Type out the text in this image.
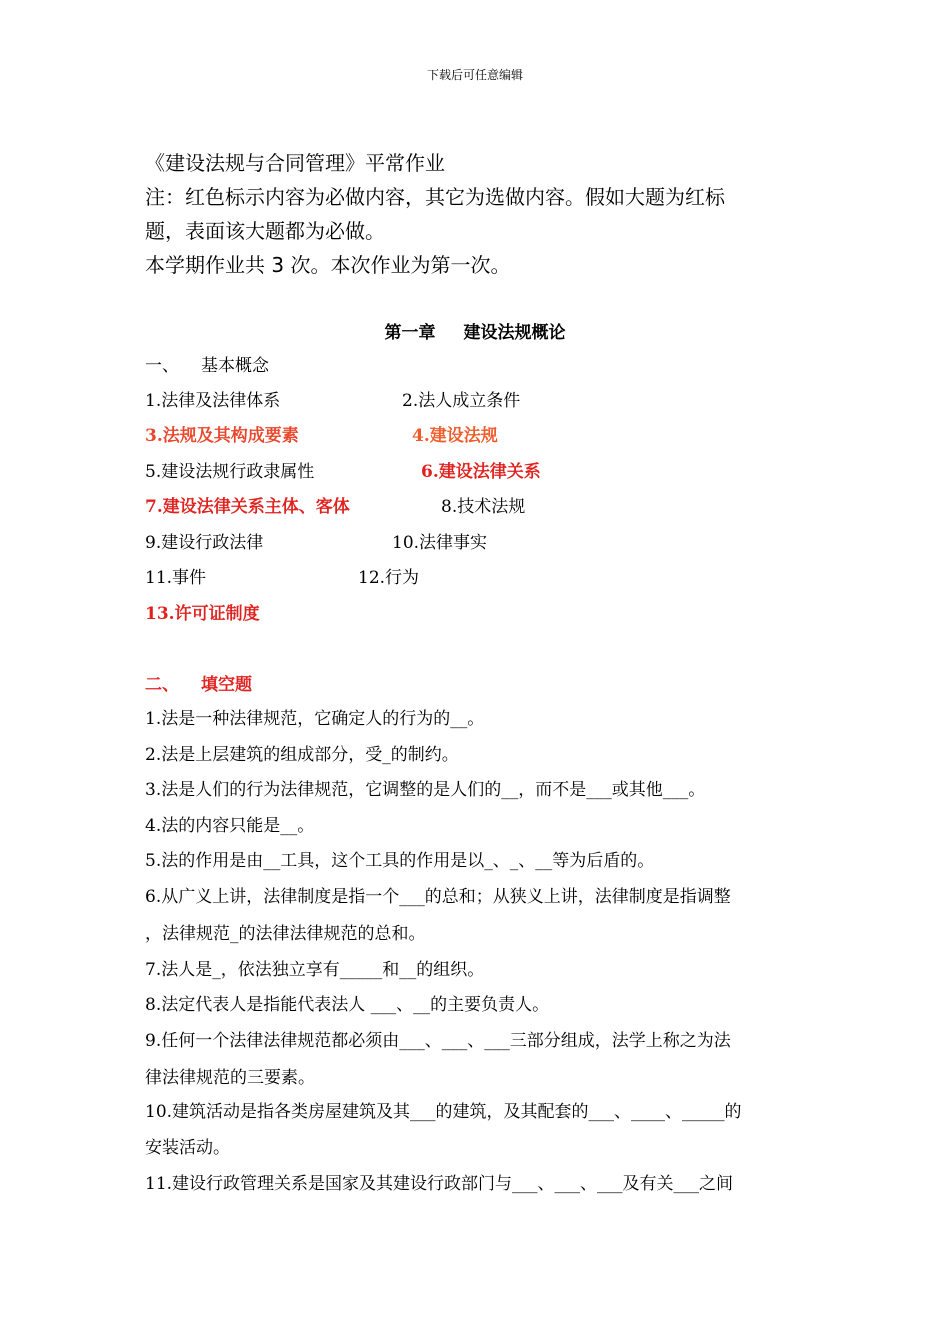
下载后可任意编辑
《建设法规与合同管理》平常作业
注：红色标示内容为必做内容，其它为选做内容。假如大题为红标
题，表面该大题都为必做。
本学期作业共 3 次。本次作业为第一次。
第一章 建设法规概论
一、 基本概念
1.法律及法律体系	2.法人成立条件
3.法规及其构成要素	4.建设法规
5.建设法规行政隶属性	6.建设法律关系
7.建设法律关系主体、客体	8.技术法规
9.建设行政法律	10.法律事实
11.事件	12.行为
13.许可证制度
二、 填空题
1.法是一种法律规范，它确定人的行为的__。
2.法是上层建筑的组成部分，受_的制约。
3.法是人们的行为法律规范，它调整的是人们的__，而不是___或其他___。
4.法的内容只能是__。
5.法的作用是由__工具，这个工具的作用是以_、_、__等为后盾的。
6.从广义上讲，法律制度是指一个___的总和；从狭义上讲，法律制度是指调整
，法律规范_的法律法律规范的总和。
7.法人是_，依法独立享有_____和__的组织。
8.法定代表人是指能代表法人 ___、__的主要负责人。
9.任何一个法律法律规范都必须由___、___、___三部分组成，法学上称之为法
律法律规范的三要素。
10.建筑活动是指各类房屋建筑及其___的建筑，及其配套的___、____、_____的
安装活动。
11.建设行政管理关系是国家及其建设行政部门与___、___、___及有关___之间
